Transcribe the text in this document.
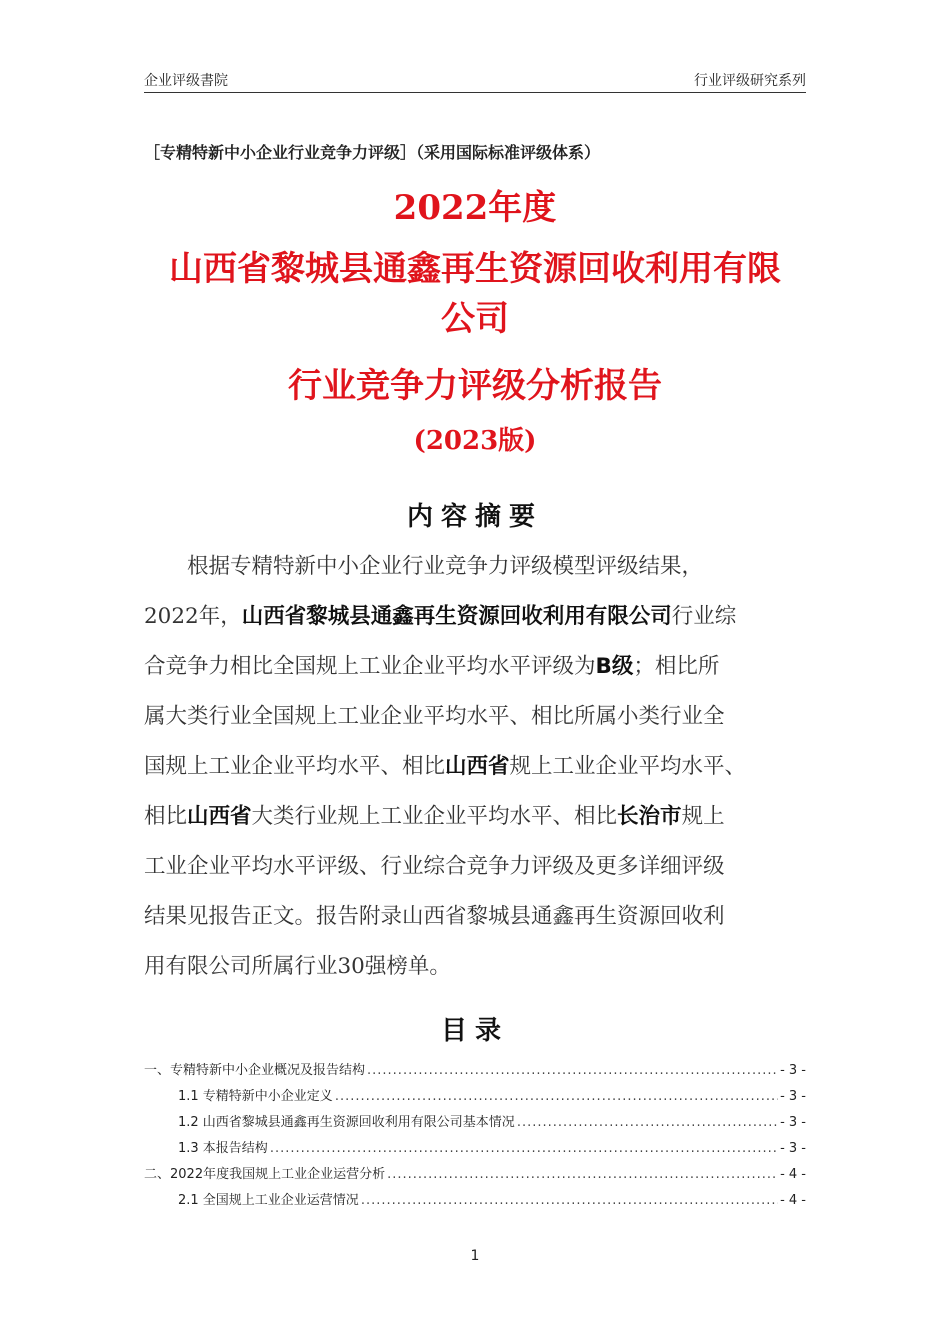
企业评级書院	行业评级研究系列
［专精特新中小企业行业竞争力评级］（采用国际标准评级体系）
2022年度
山西省黎城县通鑫再生资源回收利用有限
公司
行业竞争力评级分析报告
(2023版)
内容摘要
根据专精特新中小企业行业竞争力评级模型评级结果，
2022年，山西省黎城县通鑫再生资源回收利用有限公司行业综
合竞争力相比全国规上工业企业平均水平评级为B级；相比所
属大类行业全国规上工业企业平均水平、相比所属小类行业全
国规上工业企业平均水平、相比山西省规上工业企业平均水平、
相比山西省大类行业规上工业企业平均水平、相比长治市规上
工业企业平均水平评级、行业综合竞争力评级及更多详细评级
结果见报告正文。报告附录山西省黎城县通鑫再生资源回收利
用有限公司所属行业30强榜单。
目录
一、专精特新中小企业概况及报告结构 .....	- 3 -
1.1 专精特新中小企业定义 .....	- 3 -
1.2 山西省黎城县通鑫再生资源回收利用有限公司基本情况 .....	- 3 -
1.3 本报告结构 .....	- 3 -
二、2022年度我国规上工业企业运营分析 .....	- 4 -
2.1 全国规上工业企业运营情况 .....	- 4 -
1
